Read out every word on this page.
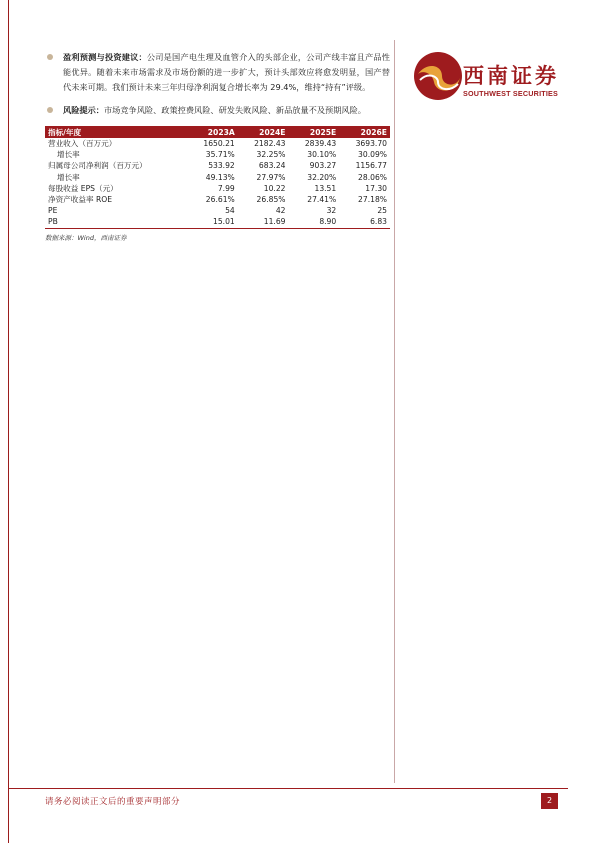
西南证券
SOUTHWEST SECURITIES
盈利预测与投资建议：公司是国产电生理及血管介入的头部企业，公司产线丰富且产品性能优异。随着未来市场需求及市场份额的进一步扩大，预计头部效应将愈发明显，国产替代未来可期。我们预计未来三年归母净利润复合增长率为 29.4%，维持“持有”评级。
风险提示：市场竞争风险、政策控费风险、研发失败风险、新品放量不及预期风险。
指标/年度	2023A	2024E	2025E	2026E
营业收入（百万元）	1650.21	2182.43	2839.43	3693.70
增长率	35.71%	32.25%	30.10%	30.09%
归属母公司净利润（百万元）	533.92	683.24	903.27	1156.77
增长率	49.13%	27.97%	32.20%	28.06%
每股收益 EPS（元）	7.99	10.22	13.51	17.30
净资产收益率 ROE	26.61%	26.85%	27.41%	27.18%
PE	54	42	32	25
PB	15.01	11.69	8.90	6.83
数据来源：Wind，西南证券
请务必阅读正文后的重要声明部分	2
